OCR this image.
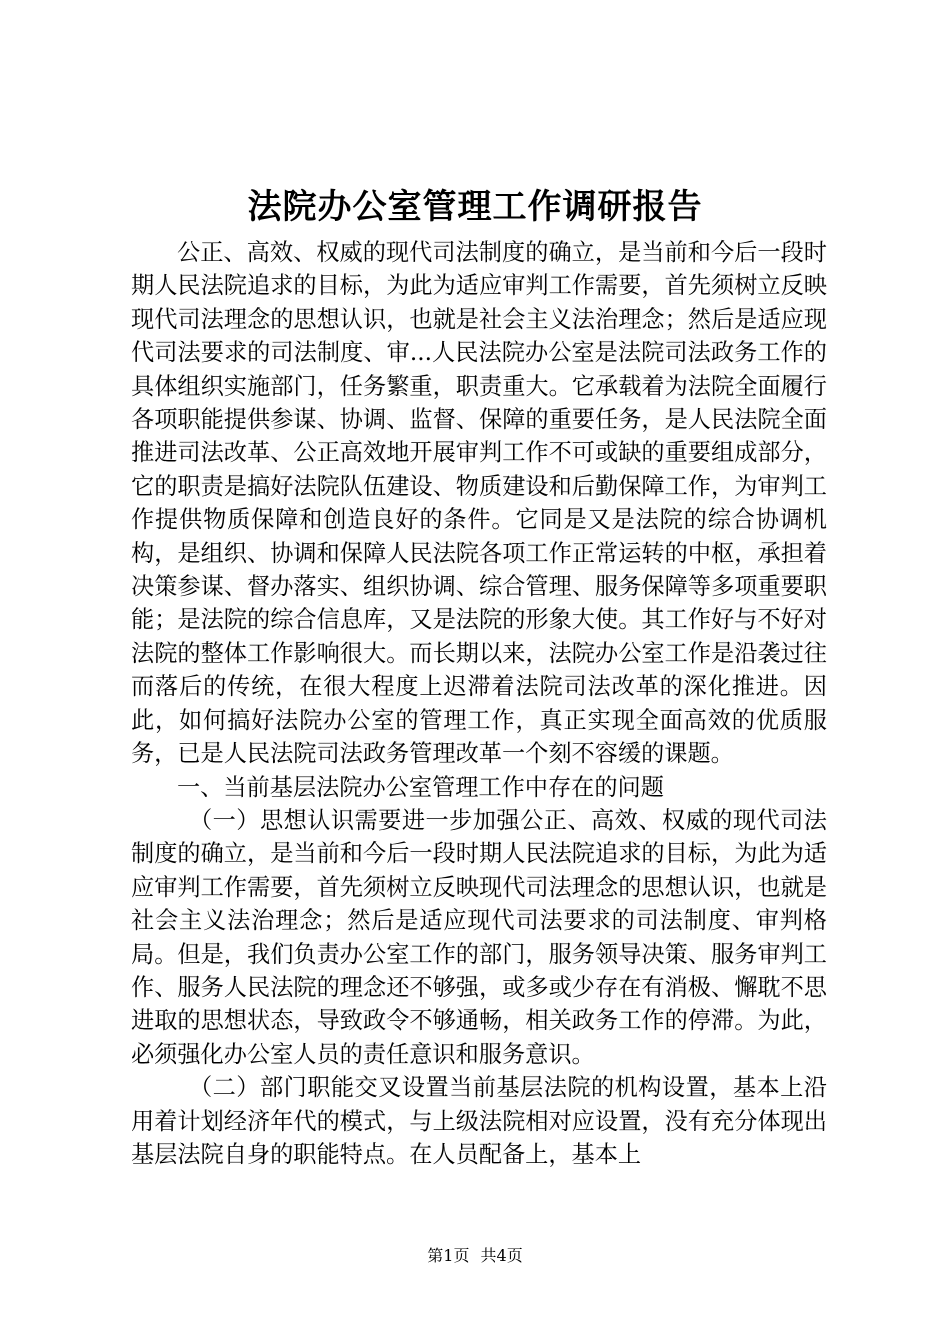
法院办公室管理工作调研报告

公正、高效、权威的现代司法制度的确立，是当前和今后一段时期人民法院追求的目标，为此为适应审判工作需要，首先须树立反映现代司法理念的思想认识，也就是社会主义法治理念；然后是适应现代司法要求的司法制度、审...人民法院办公室是法院司法政务工作的具体组织实施部门，任务繁重，职责重大。它承载着为法院全面履行各项职能提供参谋、协调、监督、保障的重要任务，是人民法院全面推进司法改革、公正高效地开展审判工作不可或缺的重要组成部分，它的职责是搞好法院队伍建设、物质建设和后勤保障工作，为审判工作提供物质保障和创造良好的条件。它同是又是法院的综合协调机构，是组织、协调和保障人民法院各项工作正常运转的中枢，承担着决策参谋、督办落实、组织协调、综合管理、服务保障等多项重要职能；是法院的综合信息库，又是法院的形象大使。其工作好与不好对法院的整体工作影响很大。而长期以来，法院办公室工作是沿袭过往而落后的传统，在很大程度上迟滞着法院司法改革的深化推进。因此，如何搞好法院办公室的管理工作，真正实现全面高效的优质服务，已是人民法院司法政务管理改革一个刻不容缓的课题。

一、当前基层法院办公室管理工作中存在的问题

（一）思想认识需要进一步加强公正、高效、权威的现代司法制度的确立，是当前和今后一段时期人民法院追求的目标，为此为适应审判工作需要，首先须树立反映现代司法理念的思想认识，也就是社会主义法治理念；然后是适应现代司法要求的司法制度、审判格局。但是，我们负责办公室工作的部门，服务领导决策、服务审判工作、服务人民法院的理念还不够强，或多或少存在有消极、懈耽不思进取的思想状态，导致政令不够通畅，相关政务工作的停滞。为此，必须强化办公室人员的责任意识和服务意识。

（二）部门职能交叉设置当前基层法院的机构设置，基本上沿用着计划经济年代的模式，与上级法院相对应设置，没有充分体现出基层法院自身的职能特点。在人员配备上，基本上

第1页 共4页
